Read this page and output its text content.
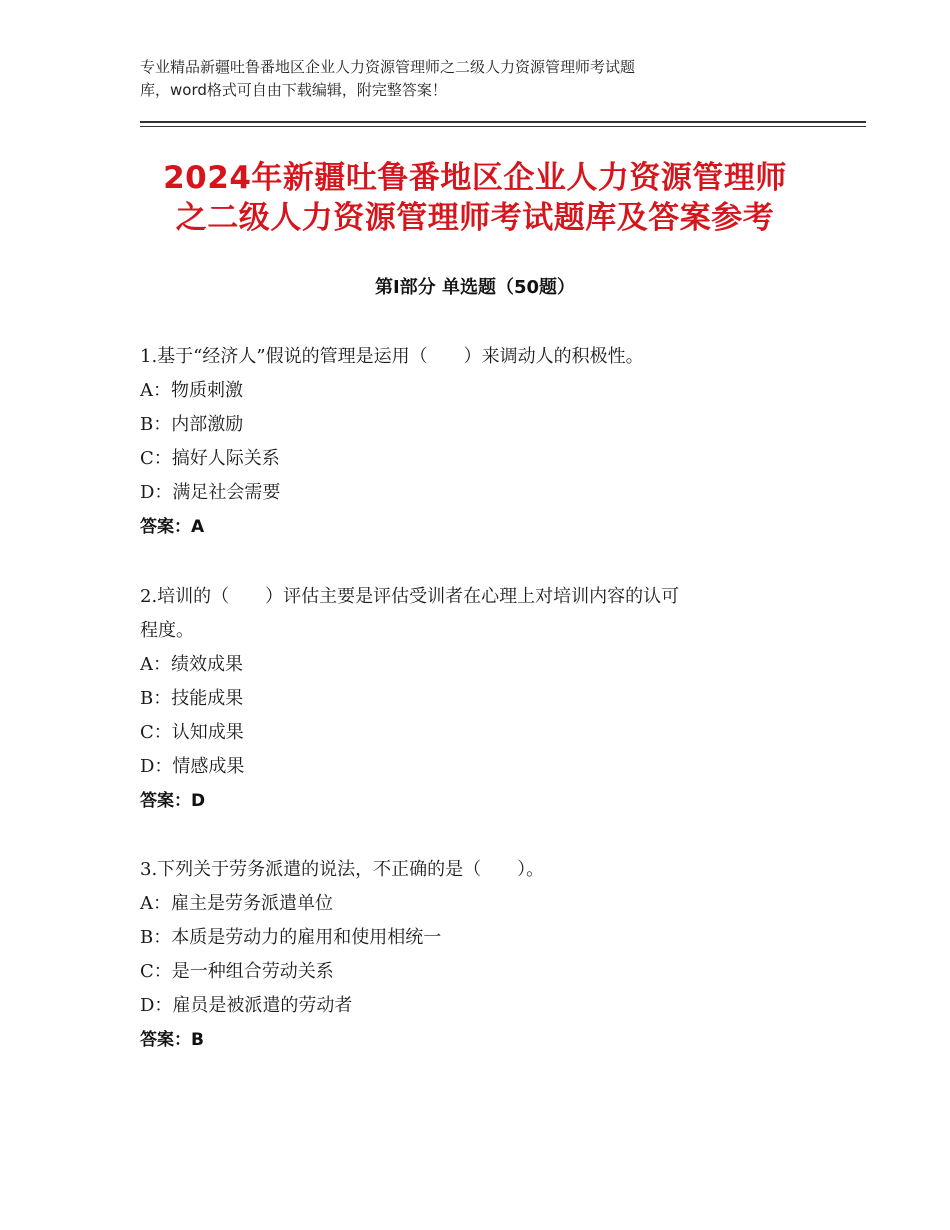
专业精品新疆吐鲁番地区企业人力资源管理师之二级人力资源管理师考试题
库，word格式可自由下载编辑，附完整答案！
2024年新疆吐鲁番地区企业人力资源管理师
之二级人力资源管理师考试题库及答案参考
第Ⅰ部分 单选题（50题）
1.基于“经济人”假说的管理是运用（　　）来调动人的积极性。
A：物质刺激
B：内部激励
C：搞好人际关系
D：满足社会需要
答案：A
2.培训的（　　）评估主要是评估受训者在心理上对培训内容的认可
程度。
A：绩效成果
B：技能成果
C：认知成果
D：情感成果
答案：D
3.下列关于劳务派遣的说法，不正确的是（　　）。
A：雇主是劳务派遣单位
B：本质是劳动力的雇用和使用相统一
C：是一种组合劳动关系
D：雇员是被派遣的劳动者
答案：B
